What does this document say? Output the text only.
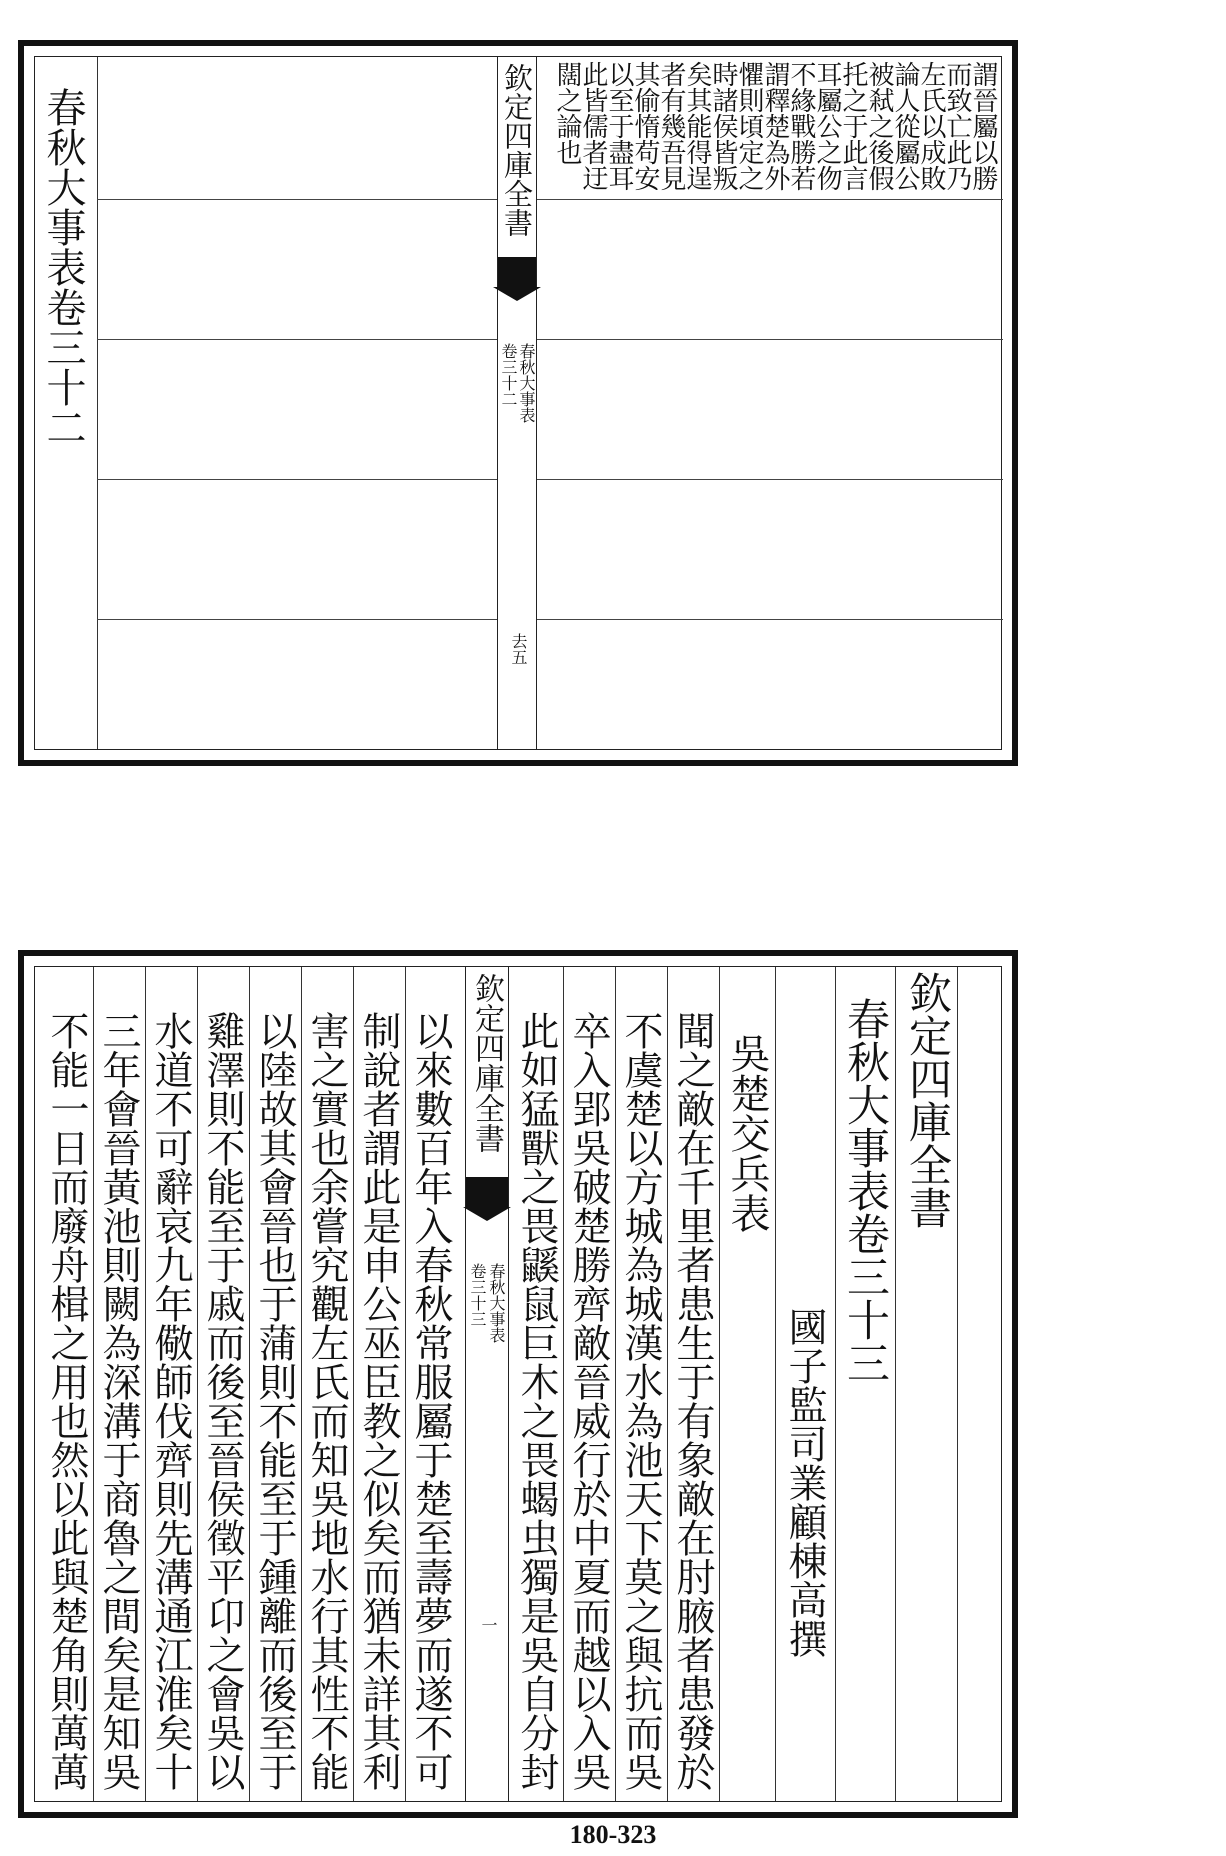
春秋大事表卷三十二	欽定四庫全書
春秋大事表
卷三十二
去五
謂晉屬以勝
而致亡此乃
左氏以成敗
論人從屬公
被弒之後假
托之于此言
耳屬公之伆
不緣戰勝若
謂釋楚為外
懼則頃定之
時諸侯皆叛
矣其能得逞
者有幾吾見
其偷惰苟安
以至于盡耳
此皆儒者迂
闊之論也
不能一日而廢舟楫之用也然以此與楚角則萬萬 三年會晉黃池則闕為深溝于商魯之間矣是知吳 水道不可辭哀九年儆師伐齊則先溝通江淮矣十 雞澤則不能至于戚而後至晉侯徵平卬之會吳以 以陸故其會晉也于蒲則不能至于鍾離而後至于 害之實也余嘗究觀左氏而知吳地水行其性不能 制說者謂此是申公巫臣教之似矣而猶未詳其利 以來數百年入春秋常服屬于楚至壽夢而遂不可 欽定四庫全書
春秋大事表
卷三十三
一 此如猛獸之畏鼷鼠巨木之畏蝎虫獨是吳自分封 卒入郢吳破楚勝齊敵晉威行於中夏而越以入吳 不虞楚以方城為城漢水為池天下莫之與抗而吳 聞之敵在千里者患生于有象敵在肘腋者患發於 吳楚交兵表
國子監司業顧棟高撰
春秋大事表卷三十三 欽定四庫全書
180-323
